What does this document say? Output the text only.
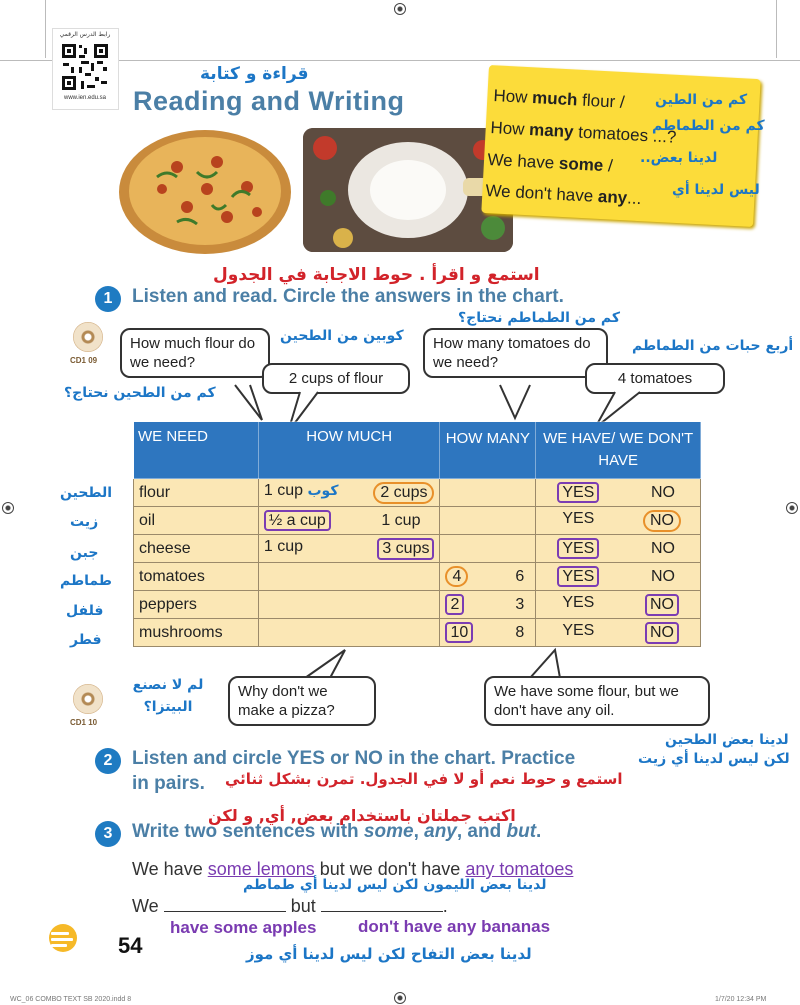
رابط الدرس الرقمي
www.ien.edu.sa
قراءة و كتابة
Reading and Writing	How much flour /
How many tomatoes ...?
We have some /
We don't have any...
كم من الطين
كم من الطماطم
لدينا بعض..
ليس لدينا أي
استمع و اقرأ . حوط الاجابة في الجدول
1	Listen and read. Circle the answers in the chart.
CD1 09
كم من الطحين نحتاج؟
How much flour do we need?
كوبين من الطحين
2 cups of flour
كم من الطماطم نحتاج؟
How many tomatoes do we need?
أربع حبات من الطماطم
4 tomatoes
WE NEED	HOW MUCH	HOW MANY	WE HAVE/ WE DON'T HAVE
flour	1 cup كوب 2 cups		YES NO

oil	½ a cup 1 cup		YES NO

cheese	1 cup 3 cups		YES NO

tomatoes		4 6	YES NO

peppers		2 3	YES NO

mushrooms		10 8	YES NO
الطحين
زيت
جبن
طماطم
فلفل
فطر
لم لا نصنع البيتزا؟
CD1 10
Why don't we make a pizza?
We have some flour, but we don't have any oil.
لدينا بعض الطحين
لكن ليس لدينا أي زيت
2	Listen and circle YES or NO in the chart. Practice
in pairs. استمع و حوط نعم أو لا في الجدول. تمرن بشكل ثنائي
اكتب جملتان باستخدام بعض, أي, و لكن
3	Write two sentences with some, any, and but.
We have some lemons but we don't have any tomatoes
لدينا بعض الليمون لكن ليس لدينا أي طماطم
We	but	.
have some apples don't have any bananas
لدينا بعض التفاح لكن ليس لدينا أي موز
54
WC_06 COMBO TEXT SB 2020.indd 8	1/7/20 12:34 PM
